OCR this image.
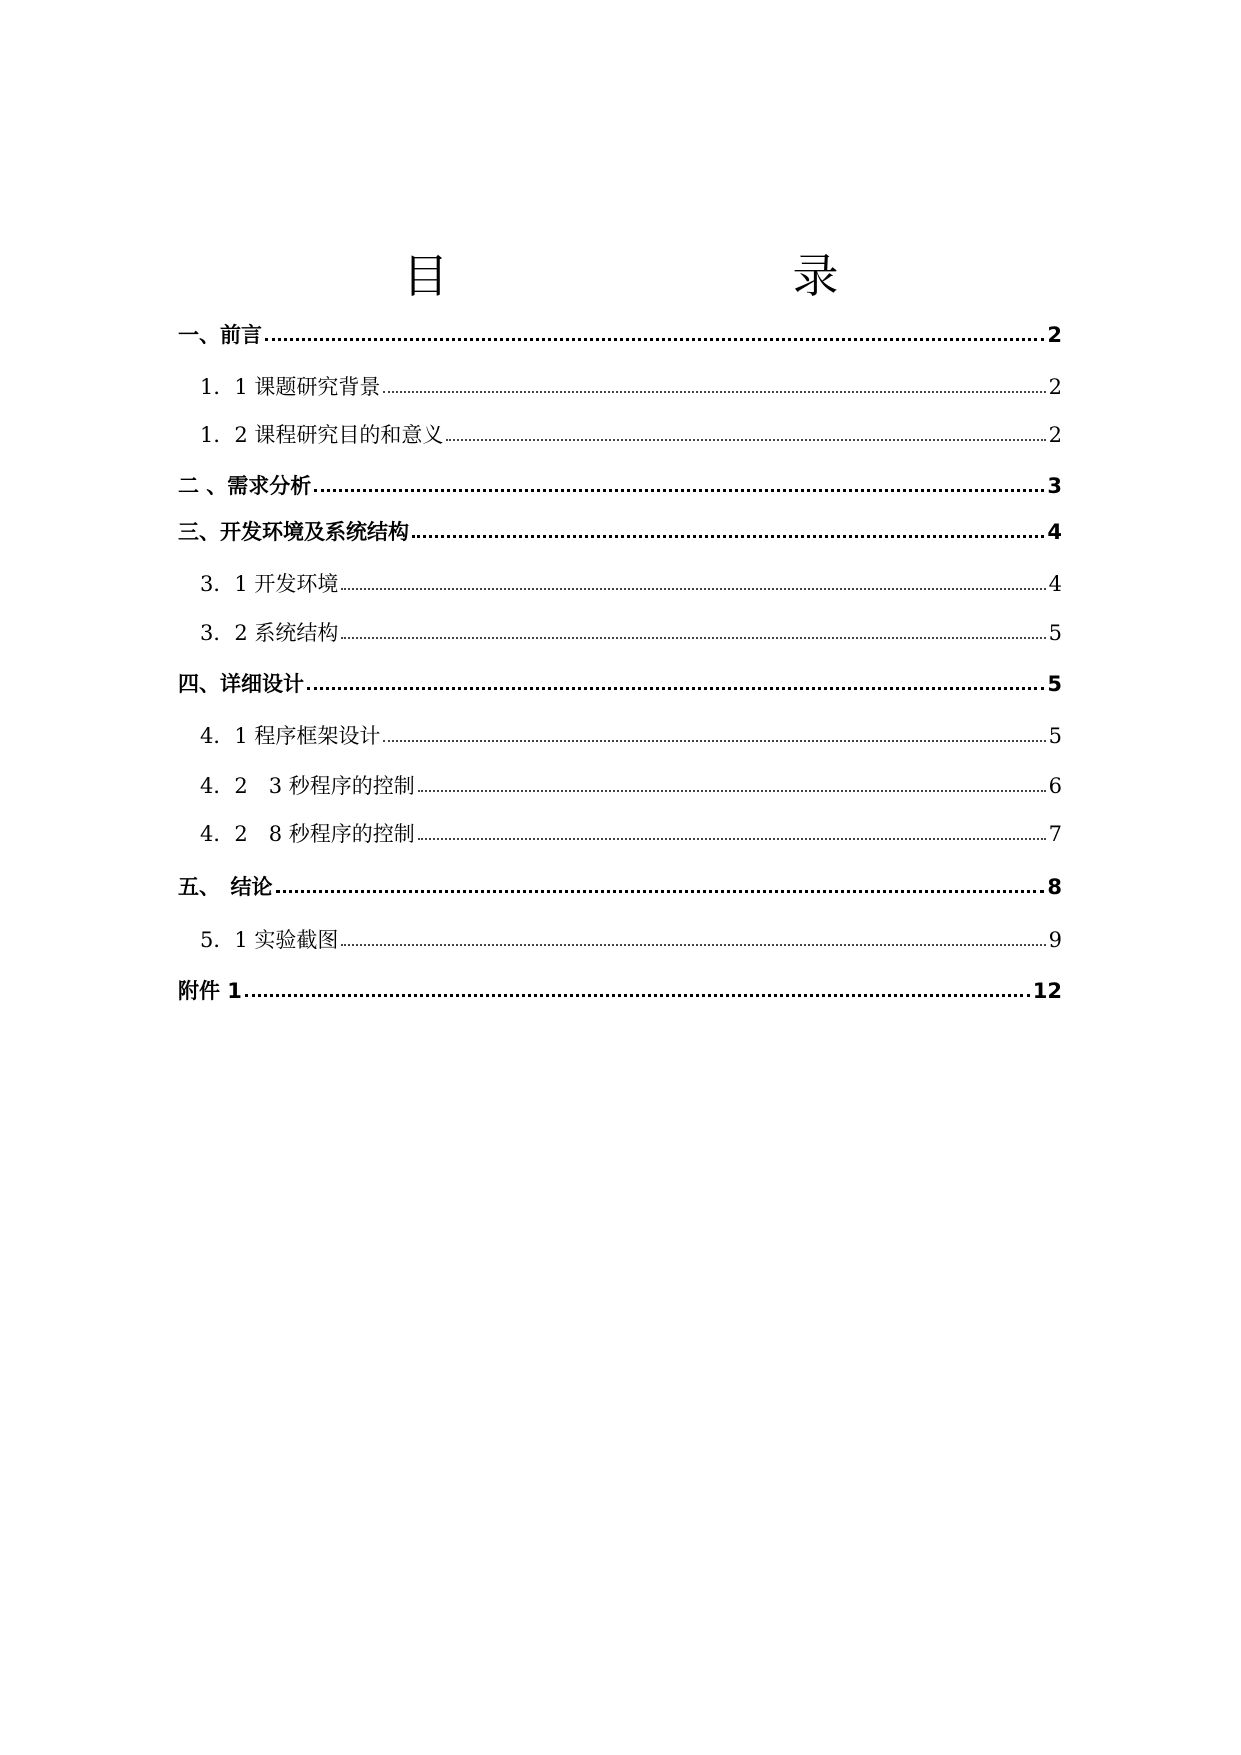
目　　录
一、前言	2
1．1 课题研究背景	2
1．2 课程研究目的和意义	2
二 、需求分析	3
三、开发环境及系统结构	4
3．1 开发环境	4
3．2 系统结构	5
四、详细设计	5
4．1 程序框架设计	5
4．2　3 秒程序的控制	6
4．2　8 秒程序的控制	7
五、　结论	8
5．1 实验截图	9
附件 1	12
